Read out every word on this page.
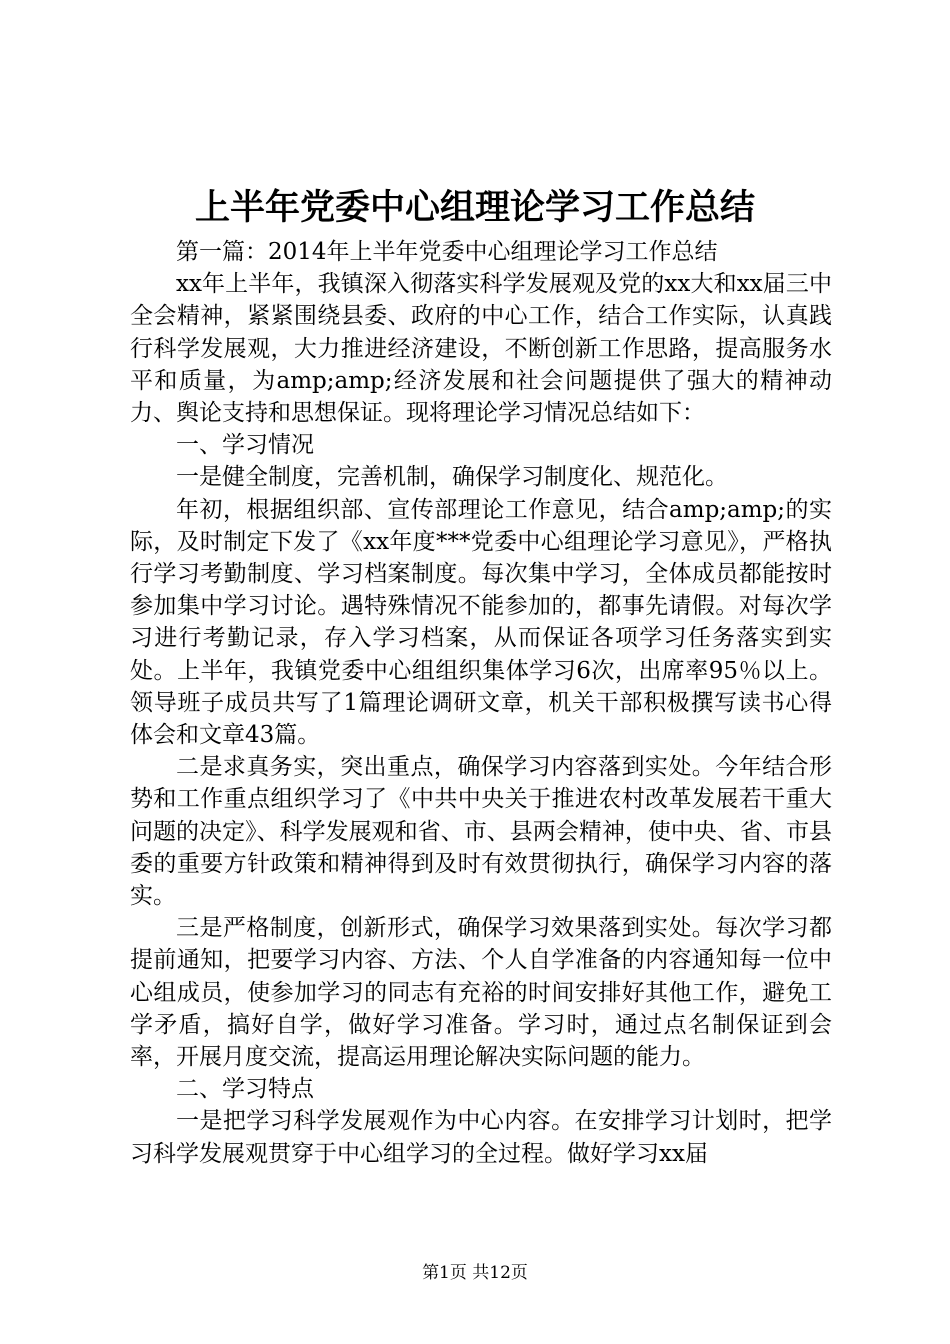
上半年党委中心组理论学习工作总结

第一篇：2014年上半年党委中心组理论学习工作总结

xx年上半年，我镇深入彻落实科学发展观及党的xx大和xx届三中全会精神，紧紧围绕县委、政府的中心工作，结合工作实际，认真践行科学发展观，大力推进经济建设，不断创新工作思路，提高服务水平和质量，为amp;amp;经济发展和社会问题提供了强大的精神动力、舆论支持和思想保证。现将理论学习情况总结如下：

一、学习情况

一是健全制度，完善机制，确保学习制度化、规范化。

年初，根据组织部、宣传部理论工作意见，结合amp;amp;的实际，及时制定下发了《xx年度***党委中心组理论学习意见》，严格执行学习考勤制度、学习档案制度。每次集中学习，全体成员都能按时参加集中学习讨论。遇特殊情况不能参加的，都事先请假。对每次学习进行考勤记录，存入学习档案，从而保证各项学习任务落实到实处。上半年，我镇党委中心组组织集体学习6次，出席率95％以上。领导班子成员共写了1篇理论调研文章，机关干部积极撰写读书心得体会和文章43篇。

二是求真务实，突出重点，确保学习内容落到实处。今年结合形势和工作重点组织学习了《中共中央关于推进农村改革发展若干重大问题的决定》、科学发展观和省、市、县两会精神，使中央、省、市县委的重要方针政策和精神得到及时有效贯彻执行，确保学习内容的落实。

三是严格制度，创新形式，确保学习效果落到实处。每次学习都提前通知，把要学习内容、方法、个人自学准备的内容通知每一位中心组成员，使参加学习的同志有充裕的时间安排好其他工作，避免工学矛盾，搞好自学，做好学习准备。学习时，通过点名制保证到会率，开展月度交流，提高运用理论解决实际问题的能力。

二、学习特点

一是把学习科学发展观作为中心内容。在安排学习计划时，把学习科学发展观贯穿于中心组学习的全过程。做好学习xx届

第1页 共12页
